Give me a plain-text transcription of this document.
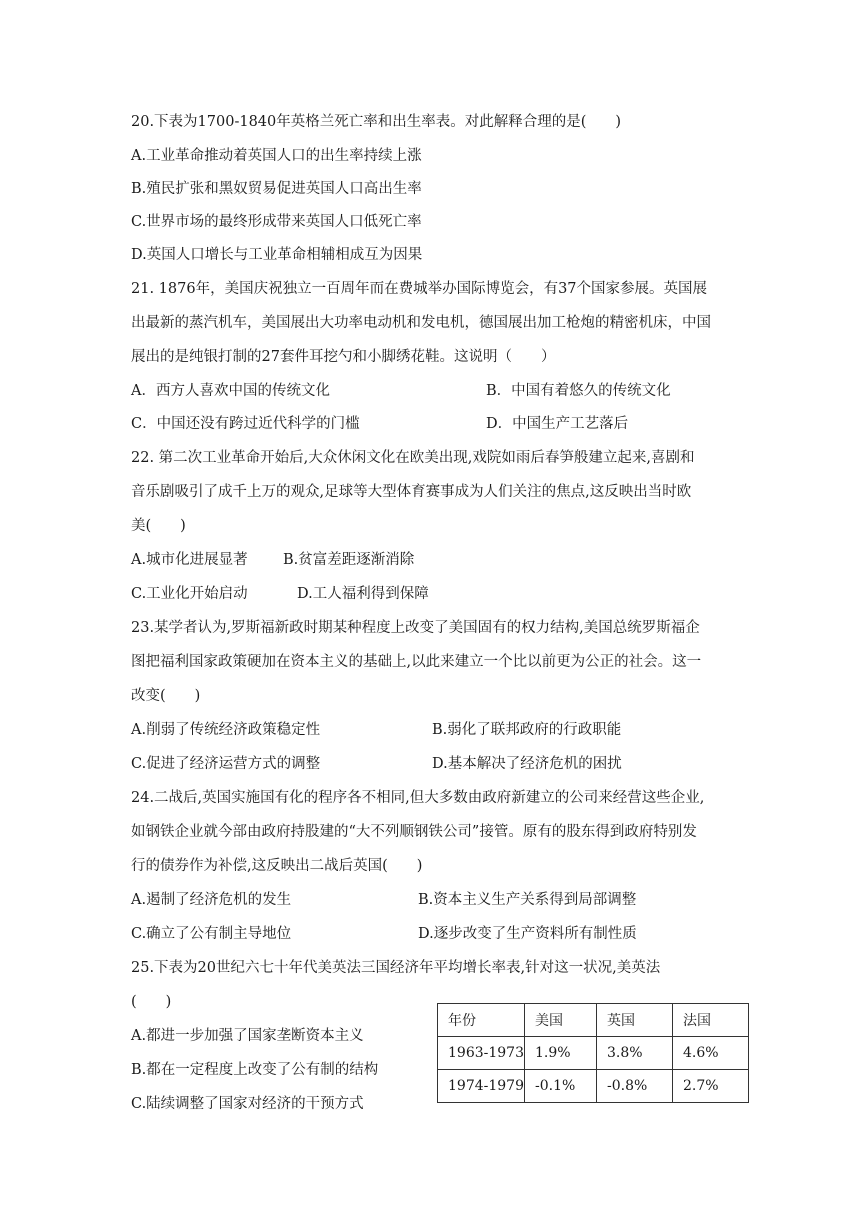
20.下表为1700-1840年英格兰死亡率和出生率表。对此解释合理的是(　　)
A.工业革命推动着英国人口的出生率持续上涨
B.殖民扩张和黑奴贸易促进英国人口高出生率
C.世界市场的最终形成带来英国人口低死亡率
D.英国人口增长与工业革命相辅相成互为因果
21. 1876年，美国庆祝独立一百周年而在费城举办国际博览会，有37个国家参展。英国展
出最新的蒸汽机车，美国展出大功率电动机和发电机，德国展出加工枪炮的精密机床，中国
展出的是纯银打制的27套件耳挖勺和小脚绣花鞋。这说明（　　）
A．西方人喜欢中国的传统文化	B．中国有着悠久的传统文化
C．中国还没有跨过近代科学的门槛	D．中国生产工艺落后
22. 第二次工业革命开始后,大众休闲文化在欧美出现,戏院如雨后春笋般建立起来,喜剧和
音乐剧吸引了成千上万的观众,足球等大型体育赛事成为人们关注的焦点,这反映出当时欧
美(　　)
A.城市化进展显著 B.贫富差距逐渐消除
C.工业化开始启动	D.工人福利得到保障
23.某学者认为,罗斯福新政时期某种程度上改变了美国固有的权力结构,美国总统罗斯福企
图把福利国家政策硬加在资本主义的基础上,以此来建立一个比以前更为公正的社会。这一
改变(　　)
A.削弱了传统经济政策稳定性	B.弱化了联邦政府的行政职能
C.促进了经济运营方式的调整	D.基本解决了经济危机的困扰
24.二战后,英国实施国有化的程序各不相同,但大多数由政府新建立的公司来经营这些企业,
如钢铁企业就今部由政府持股建的“大不列顺钢铁公司”接管。原有的股东得到政府特别发
行的债券作为补偿,这反映出二战后英国(　　)
A.遏制了经济危机的发生	B.资本主义生产关系得到局部调整
C.确立了公有制主导地位	D.逐步改变了生产资料所有制性质
25.下表为20世纪六七十年代美英法三国经济年平均增长率表,针对这一状况,美英法
(　　)
A.都进一步加强了国家垄断资本主义
B.都在一定程度上改变了公有制的结构
C.陆续调整了国家对经济的干预方式
年份	美国	英国	法国
1963-1973	1.9%	3.8%	4.6%
1974-1979	-0.1%	-0.8%	2.7%
